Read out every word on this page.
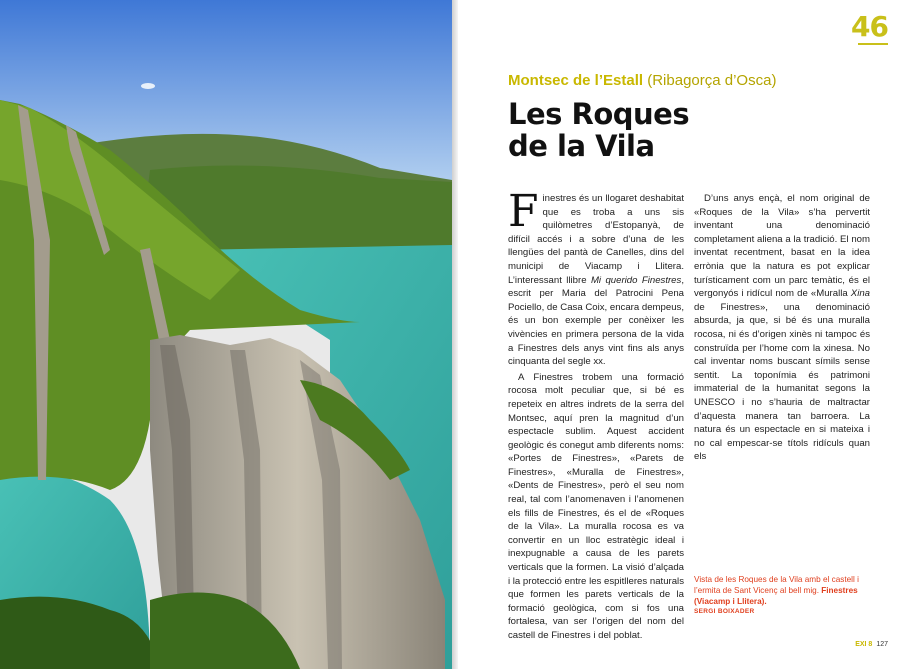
46
Montsec de l’Estall (Ribagorça d’Osca)
Les Roques
de la Vila

Finestres és un llogaret deshabitat que es troba a uns sis quilòmetres d’Estopanyà, de difícil accés i a sobre d’una de les llengües del pantà de Canelles, dins del municipi de Viacamp i Llitera. L’interessant llibre Mi querido Finestres, escrit per Maria del Patrocini Pena Pociello, de Casa Coix, encara dempeus, és un bon exemple per conèixer les vivències en primera persona de la vida a Finestres dels anys vint fins als anys cinquanta del segle xx.

A Finestres trobem una formació rocosa molt peculiar que, si bé es repeteix en altres indrets de la serra del Montsec, aquí pren la magnitud d’un espectacle sublim. Aquest accident geològic és conegut amb diferents noms: «Portes de Finestres», «Parets de Finestres», «Muralla de Finestres», «Dents de Finestres», però el seu nom real, tal com l’anomenaven i l’anomenen els fills de Finestres, és el de «Roques de la Vila». La muralla rocosa es va convertir en un lloc estratègic ideal i inexpugnable a causa de les parets verticals que la formen. La visió d’alçada i la protecció entre les espitlleres naturals que formen les parets verticals de la formació geològica, com si fos una fortalesa, van ser l’origen del nom del castell de Finestres i del poblat.

D’uns anys ençà, el nom original de «Roques de la Vila» s’ha pervertit inventant una denominació completament aliena a la tradició. El nom inventat recentment, basat en la idea errònia que la natura es pot explicar turísticament com un parc temàtic, és el vergonyós i ridícul nom de «Muralla Xina de Finestres», una denominació absurda, ja que, si bé és una muralla rocosa, ni és d’origen xinès ni tampoc és construïda per l’home com la xinesa. No cal inventar noms buscant símils sense sentit. La toponímia és patrimoni immaterial de la humanitat segons la UNESCO i no s’hauria de maltractar d’aquesta manera tan barroera. La natura és un espectacle en si mateixa i no cal empescar-se títols ridículs quan els

Vista de les Roques de la Vila amb el castell i l’ermita de Sant Vicenç al bell mig. Finestres (Viacamp i Llitera).
SERGI BOIXADER
EXI 8 127
